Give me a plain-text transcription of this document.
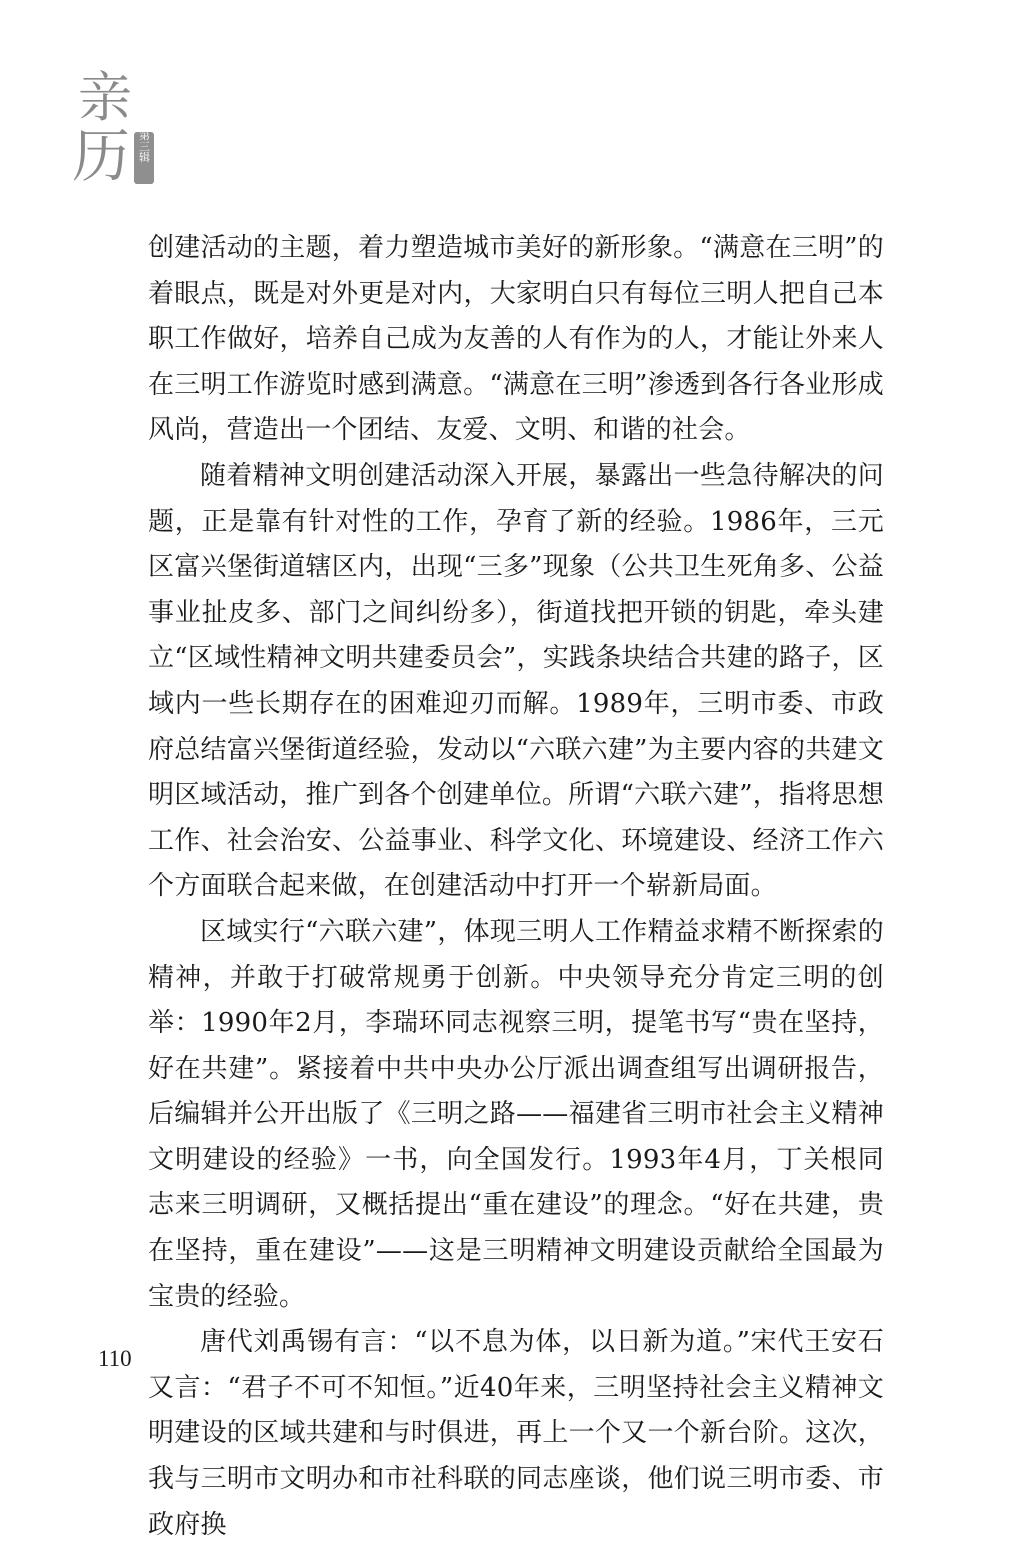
亲
历 第三辑

创建活动的主题，着力塑造城市美好的新形象。“满意在三明”的着眼点，既是对外更是对内，大家明白只有每位三明人把自己本职工作做好，培养自己成为友善的人有作为的人，才能让外来人在三明工作游览时感到满意。“满意在三明”渗透到各行各业形成风尚，营造出一个团结、友爱、文明、和谐的社会。

随着精神文明创建活动深入开展，暴露出一些急待解决的问题，正是靠有针对性的工作，孕育了新的经验。1986年，三元区富兴堡街道辖区内，出现“三多”现象（公共卫生死角多、公益事业扯皮多、部门之间纠纷多），街道找把开锁的钥匙，牵头建立“区域性精神文明共建委员会”，实践条块结合共建的路子，区域内一些长期存在的困难迎刃而解。1989年，三明市委、市政府总结富兴堡街道经验，发动以“六联六建”为主要内容的共建文明区域活动，推广到各个创建单位。所谓“六联六建”，指将思想工作、社会治安、公益事业、科学文化、环境建设、经济工作六个方面联合起来做，在创建活动中打开一个崭新局面。

区域实行“六联六建”，体现三明人工作精益求精不断探索的精神，并敢于打破常规勇于创新。中央领导充分肯定三明的创举：1990年2月，李瑞环同志视察三明，提笔书写“贵在坚持，好在共建”。紧接着中共中央办公厅派出调查组写出调研报告，后编辑并公开出版了《三明之路——福建省三明市社会主义精神文明建设的经验》一书，向全国发行。1993年4月，丁关根同志来三明调研，又概括提出“重在建设”的理念。“好在共建，贵在坚持，重在建设”——这是三明精神文明建设贡献给全国最为宝贵的经验。

唐代刘禹锡有言：“以不息为体，以日新为道。”宋代王安石又言：“君子不可不知恒。”近40年来，三明坚持社会主义精神文明建设的区域共建和与时俱进，再上一个又一个新台阶。这次，我与三明市文明办和市社科联的同志座谈，他们说三明市委、市政府换

110
